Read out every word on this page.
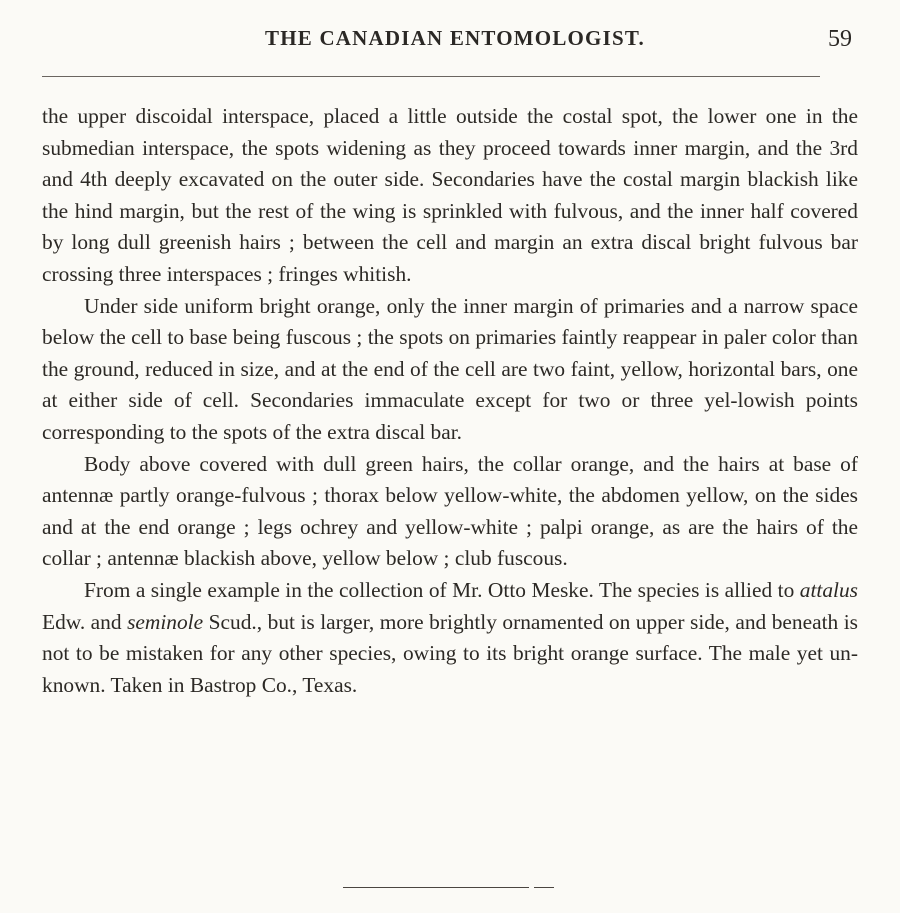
THE CANADIAN ENTOMOLOGIST.	59

the upper discoidal interspace, placed a little outside the costal spot, the lower one in the submedian interspace, the spots widening as they proceed towards inner margin, and the 3rd and 4th deeply excavated on the outer side. Secondaries have the costal margin blackish like the hind margin, but the rest of the wing is sprinkled with fulvous, and the inner half covered by long dull greenish hairs ; between the cell and margin an extra discal bright fulvous bar crossing three interspaces ; fringes whitish.

Under side uniform bright orange, only the inner margin of primaries and a narrow space below the cell to base being fuscous ; the spots on primaries faintly reappear in paler color than the ground, reduced in size, and at the end of the cell are two faint, yellow, horizontal bars, one at either side of cell. Secondaries immaculate except for two or three yel-lowish points corresponding to the spots of the extra discal bar.

Body above covered with dull green hairs, the collar orange, and the hairs at base of antennæ partly orange-fulvous ; thorax below yellow-white, the abdomen yellow, on the sides and at the end orange ; legs ochrey and yellow-white ; palpi orange, as are the hairs of the collar ; antennæ blackish above, yellow below ; club fuscous.

From a single example in the collection of Mr. Otto Meske. The species is allied to attalus Edw. and seminole Scud., but is larger, more brightly ornamented on upper side, and beneath is not to be mistaken for any other species, owing to its bright orange surface. The male yet un-known. Taken in Bastrop Co., Texas.
